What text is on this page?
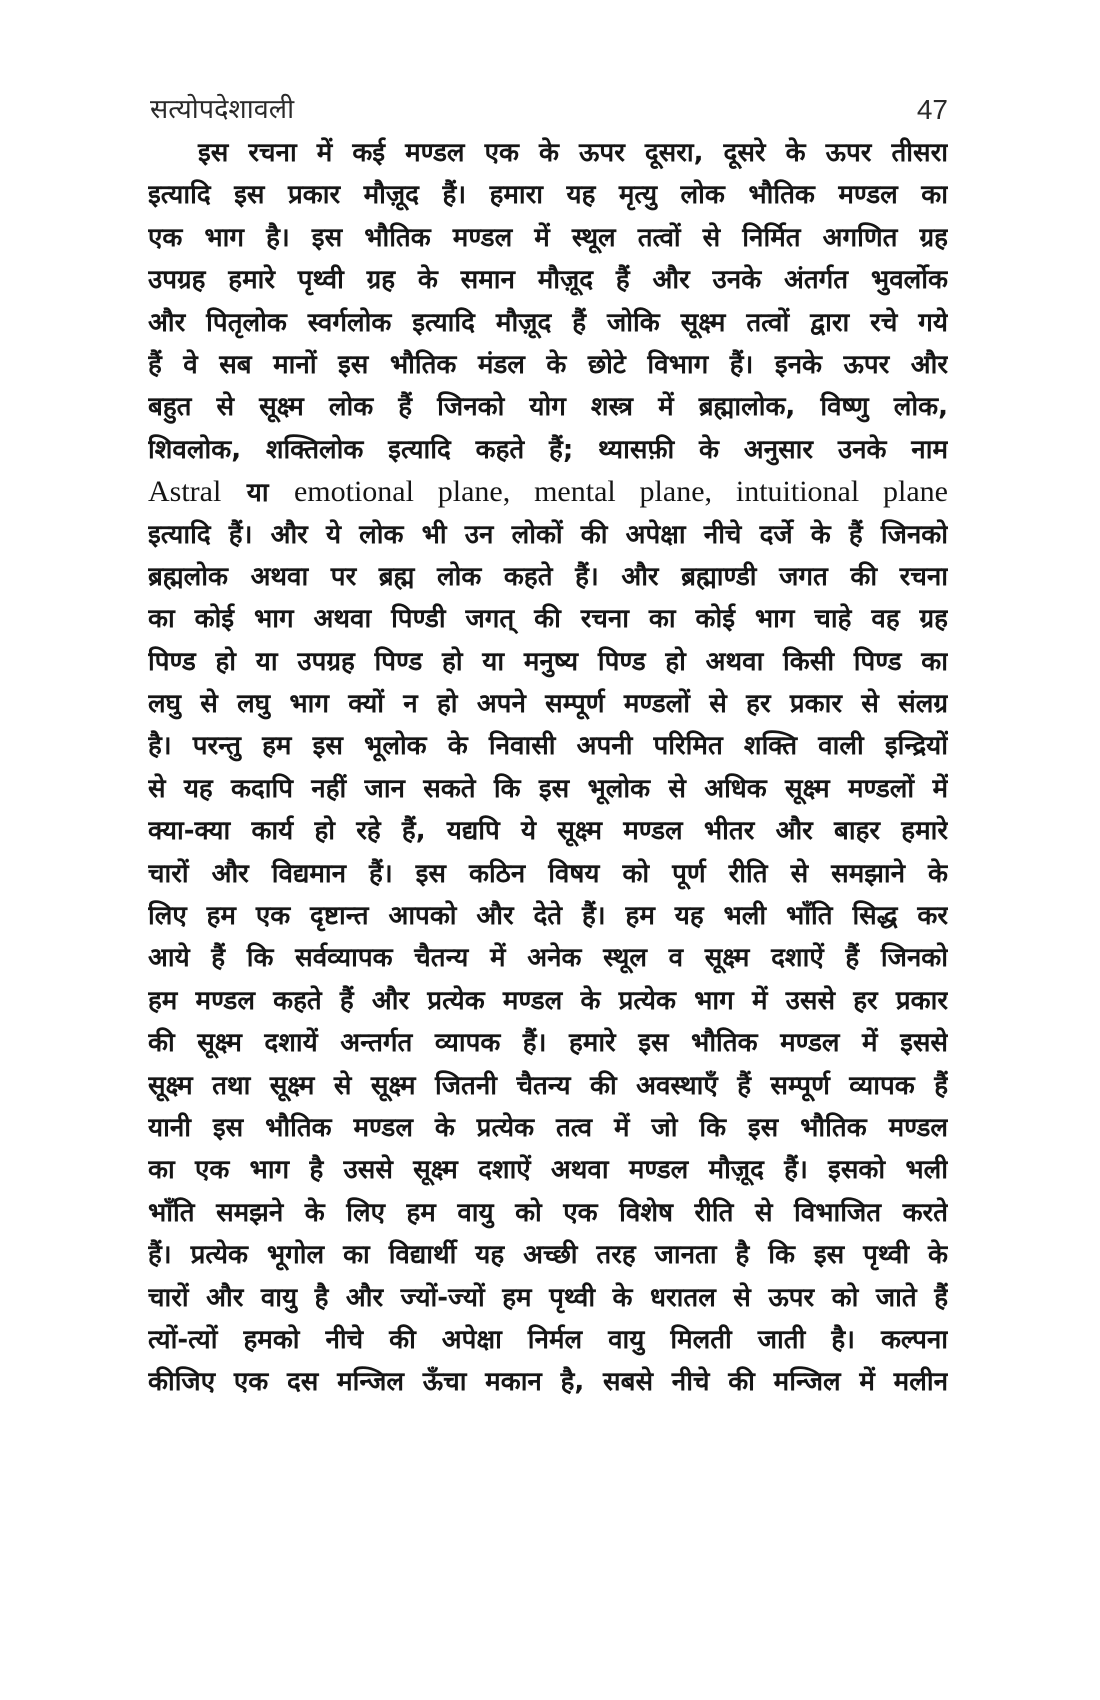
सत्योपदेशावली	47
इस रचना में कई मण्डल एक के ऊपर दूसरा, दूसरे के ऊपर तीसरा
इत्यादि इस प्रकार मौज़ूद हैं। हमारा यह मृत्यु लोक भौतिक मण्डल का
एक भाग है। इस भौतिक मण्डल में स्थूल तत्वों से निर्मित अगणित ग्रह
उपग्रह हमारे पृथ्वी ग्रह के समान मौज़ूद हैं और उनके अंतर्गत भुवर्लोक
और पितृलोक स्वर्गलोक इत्यादि मौज़ूद हैं जोकि सूक्ष्म तत्वों द्वारा रचे गये
हैं वे सब मानों इस भौतिक मंडल के छोटे विभाग हैं। इनके ऊपर और
बहुत से सूक्ष्म लोक हैं जिनको योग शस्त्र में ब्रह्मालोक, विष्णु लोक,
शिवलोक, शक्तिलोक इत्यादि कहते हैं; थ्यासफ़ी के अनुसार उनके नाम
Astral या emotional plane, mental plane, intuitional plane
इत्यादि हैं। और ये लोक भी उन लोकों की अपेक्षा नीचे दर्जे के हैं जिनको
ब्रह्मलोक अथवा पर ब्रह्म लोक कहते हैं। और ब्रह्माण्डी जगत की रचना
का कोई भाग अथवा पिण्डी जगत् की रचना का कोई भाग चाहे वह ग्रह
पिण्ड हो या उपग्रह पिण्ड हो या मनुष्य पिण्ड हो अथवा किसी पिण्ड का
लघु से लघु भाग क्यों न हो अपने सम्पूर्ण मण्डलों से हर प्रकार से संलग्र
है। परन्तु हम इस भूलोक के निवासी अपनी परिमित शक्ति वाली इन्द्रियों
से यह कदापि नहीं जान सकते कि इस भूलोक से अधिक सूक्ष्म मण्डलों में
क्या-क्या कार्य हो रहे हैं, यद्यपि ये सूक्ष्म मण्डल भीतर और बाहर हमारे
चारों और विद्यमान हैं। इस कठिन विषय को पूर्ण रीति से समझाने के
लिए हम एक दृष्टान्त आपको और देते हैं। हम यह भली भाँति सिद्ध कर
आये हैं कि सर्वव्यापक चैतन्य में अनेक स्थूल व सूक्ष्म दशाऐं हैं जिनको
हम मण्डल कहते हैं और प्रत्येक मण्डल के प्रत्येक भाग में उससे हर प्रकार
की सूक्ष्म दशायें अन्तर्गत व्यापक हैं। हमारे इस भौतिक मण्डल में इससे
सूक्ष्म तथा सूक्ष्म से सूक्ष्म जितनी चैतन्य की अवस्थाएँ हैं सम्पूर्ण व्यापक हैं
यानी इस भौतिक मण्डल के प्रत्येक तत्व में जो कि इस भौतिक मण्डल
का एक भाग है उससे सूक्ष्म दशाऐं अथवा मण्डल मौज़ूद हैं। इसको भली
भाँति समझने के लिए हम वायु को एक विशेष रीति से विभाजित करते
हैं। प्रत्येक भूगोल का विद्यार्थी यह अच्छी तरह जानता है कि इस पृथ्वी के
चारों और वायु है और ज्यों-ज्यों हम पृथ्वी के धरातल से ऊपर को जाते हैं
त्यों-त्यों हमको नीचे की अपेक्षा निर्मल वायु मिलती जाती है। कल्पना
कीजिए एक दस मन्जिल ऊँचा मकान है, सबसे नीचे की मन्जिल में मलीन
